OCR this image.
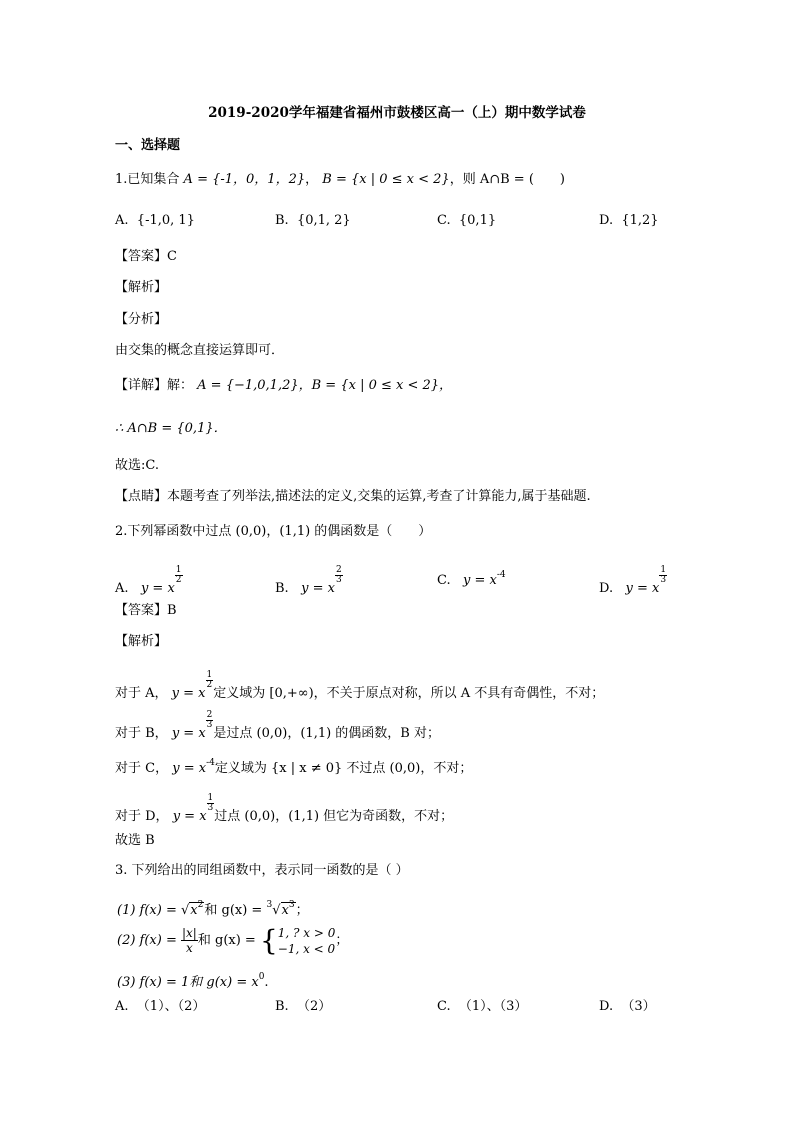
2019-2020学年福建省福州市鼓楼区高一（上）期中数学试卷
一、选择题
1.已知集合 A = {-1，0，1，2}， B = {x | 0 ≤ x < 2}，则 A∩B = (　　)
A. {-1,0, 1}	B. {0,1, 2}	C. {0,1}	D. {1,2}
【答案】C
【解析】
【分析】
由交集的概念直接运算即可．
【详解】解： A = {−1,0,1,2}，B = {x | 0 ≤ x < 2}，
∴ A∩B = {0,1}．
故选:C.
【点睛】本题考查了列举法,描述法的定义,交集的运算,考查了计算能力,属于基础题.
2.下列幂函数中过点 (0,0)，(1,1) 的偶函数是（　　）
A. y = x
$\frac{1}{2}$
B. y = x
$\frac{2}{3}$	C. $y = x^{-4}$
D. y = x
$\frac{1}{3}$
【答案】B
【解析】
对于 A， y = x
$\frac{1}{2}$
定义域为 [0,+∞)，不关于原点对称，所以 A 不具有奇偶性，不对；
对于 B， y = x
$\frac{2}{3}$
是过点 (0,0)，(1,1) 的偶函数，B 对；
对于 C， $y = x^{-4}$定义域为 {x | x ≠ 0} 不过点 (0,0)，不对；
对于 D， y = x
$\frac{1}{3}$
过点 (0,0)，(1,1) 但它为奇函数，不对；
故选 B
3. 下列给出的同组函数中，表示同一函数的是（ ）
(1) $f(x) = √x^2$和 $g(x) = ^3√x^3$；
(2) $f(x) = \frac{|x|}{x}$ 和 g(x) = { 1, ? x > 0
−1, x < 0
；
(3) f(x) = 1和 $g(x) = x^0$.
A. （1）、（2）	B. （2）	C. （1）、（3）	D. （3）
